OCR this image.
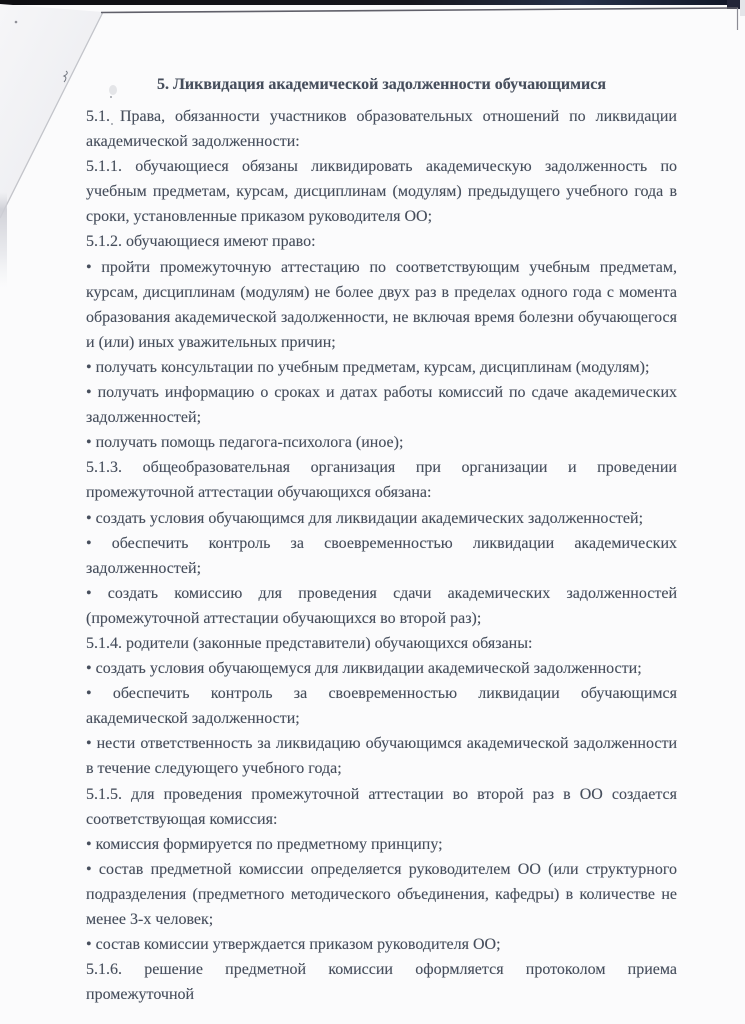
5. Ликвидация академической задолженности обучающимися

5.1. Права, обязанности участников образовательных отношений по ликвидации академической задолженности:

5.1.1. обучающиеся обязаны ликвидировать академическую задолженность по учебным предметам, курсам, дисциплинам (модулям) предыдущего учебного года в сроки, установленные приказом руководителя ОО;

5.1.2. обучающиеся имеют право:

• пройти промежуточную аттестацию по соответствующим учебным предметам, курсам, дисциплинам (модулям) не более двух раз в пределах одного года с момента образования академической задолженности, не включая время болезни обучающегося и (или) иных уважительных причин;

• получать консультации по учебным предметам, курсам, дисциплинам (модулям);

• получать информацию о сроках и датах работы комиссий по сдаче академических задолженностей;

• получать помощь педагога-психолога (иное);

5.1.3. общеобразовательная организация при организации и проведении промежуточной аттестации обучающихся обязана:

• создать условия обучающимся для ликвидации академических задолженностей;

• обеспечить контроль за своевременностью ликвидации академических задолженностей;

• создать комиссию для проведения сдачи академических задолженностей (промежуточной аттестации обучающихся во второй раз);

5.1.4. родители (законные представители) обучающихся обязаны:

• создать условия обучающемуся для ликвидации академической задолженности;

• обеспечить контроль за своевременностью ликвидации обучающимся академической задолженности;

• нести ответственность за ликвидацию обучающимся академической задолженности в течение следующего учебного года;

5.1.5. для проведения промежуточной аттестации во второй раз в ОО создается соответствующая комиссия:

• комиссия формируется по предметному принципу;

• состав предметной комиссии определяется руководителем ОО (или структурного подразделения (предметного методического объединения, кафедры) в количестве не менее 3-х человек;

• состав комиссии утверждается приказом руководителя ОО;

5.1.6. решение предметной комиссии оформляется протоколом приема промежуточной
